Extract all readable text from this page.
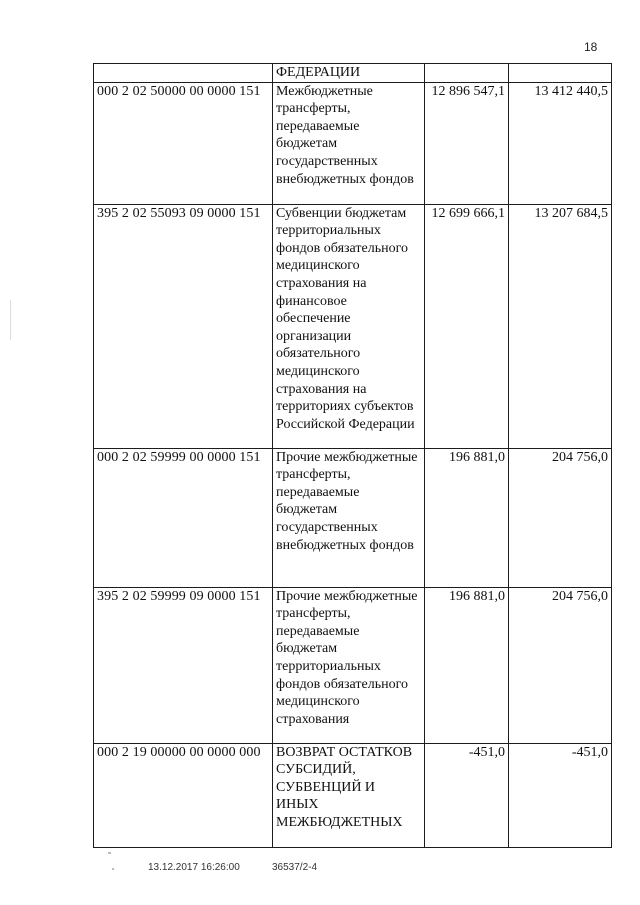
18
	ФЕДЕРАЦИИ		
000 2 02 50000 00 0000 151	Межбюджетные трансферты, передаваемые бюджетам государственных внебюджетных фондов	12 896 547,1	13 412 440,5
395 2 02 55093 09 0000 151	Субвенции бюджетам территориальных фондов обязательного медицинского страхования на финансовое обеспечение организации обязательного медицинского страхования на территориях субъектов Российской Федерации	12 699 666,1	13 207 684,5
000 2 02 59999 00 0000 151	Прочие межбюджетные трансферты, передаваемые бюджетам государственных внебюджетных фондов	196 881,0	204 756,0
395 2 02 59999 09 0000 151	Прочие межбюджетные трансферты, передаваемые бюджетам территориальных фондов обязательного медицинского страхования	196 881,0	204 756,0
000 2 19 00000 00 0000 000	ВОЗВРАТ ОСТАТКОВ СУБСИДИЙ, СУБВЕНЦИЙ И ИНЫХ МЕЖБЮДЖЕТНЫХ	-451,0	-451,0
13.12.2017 16:26:00	36537/2-4
